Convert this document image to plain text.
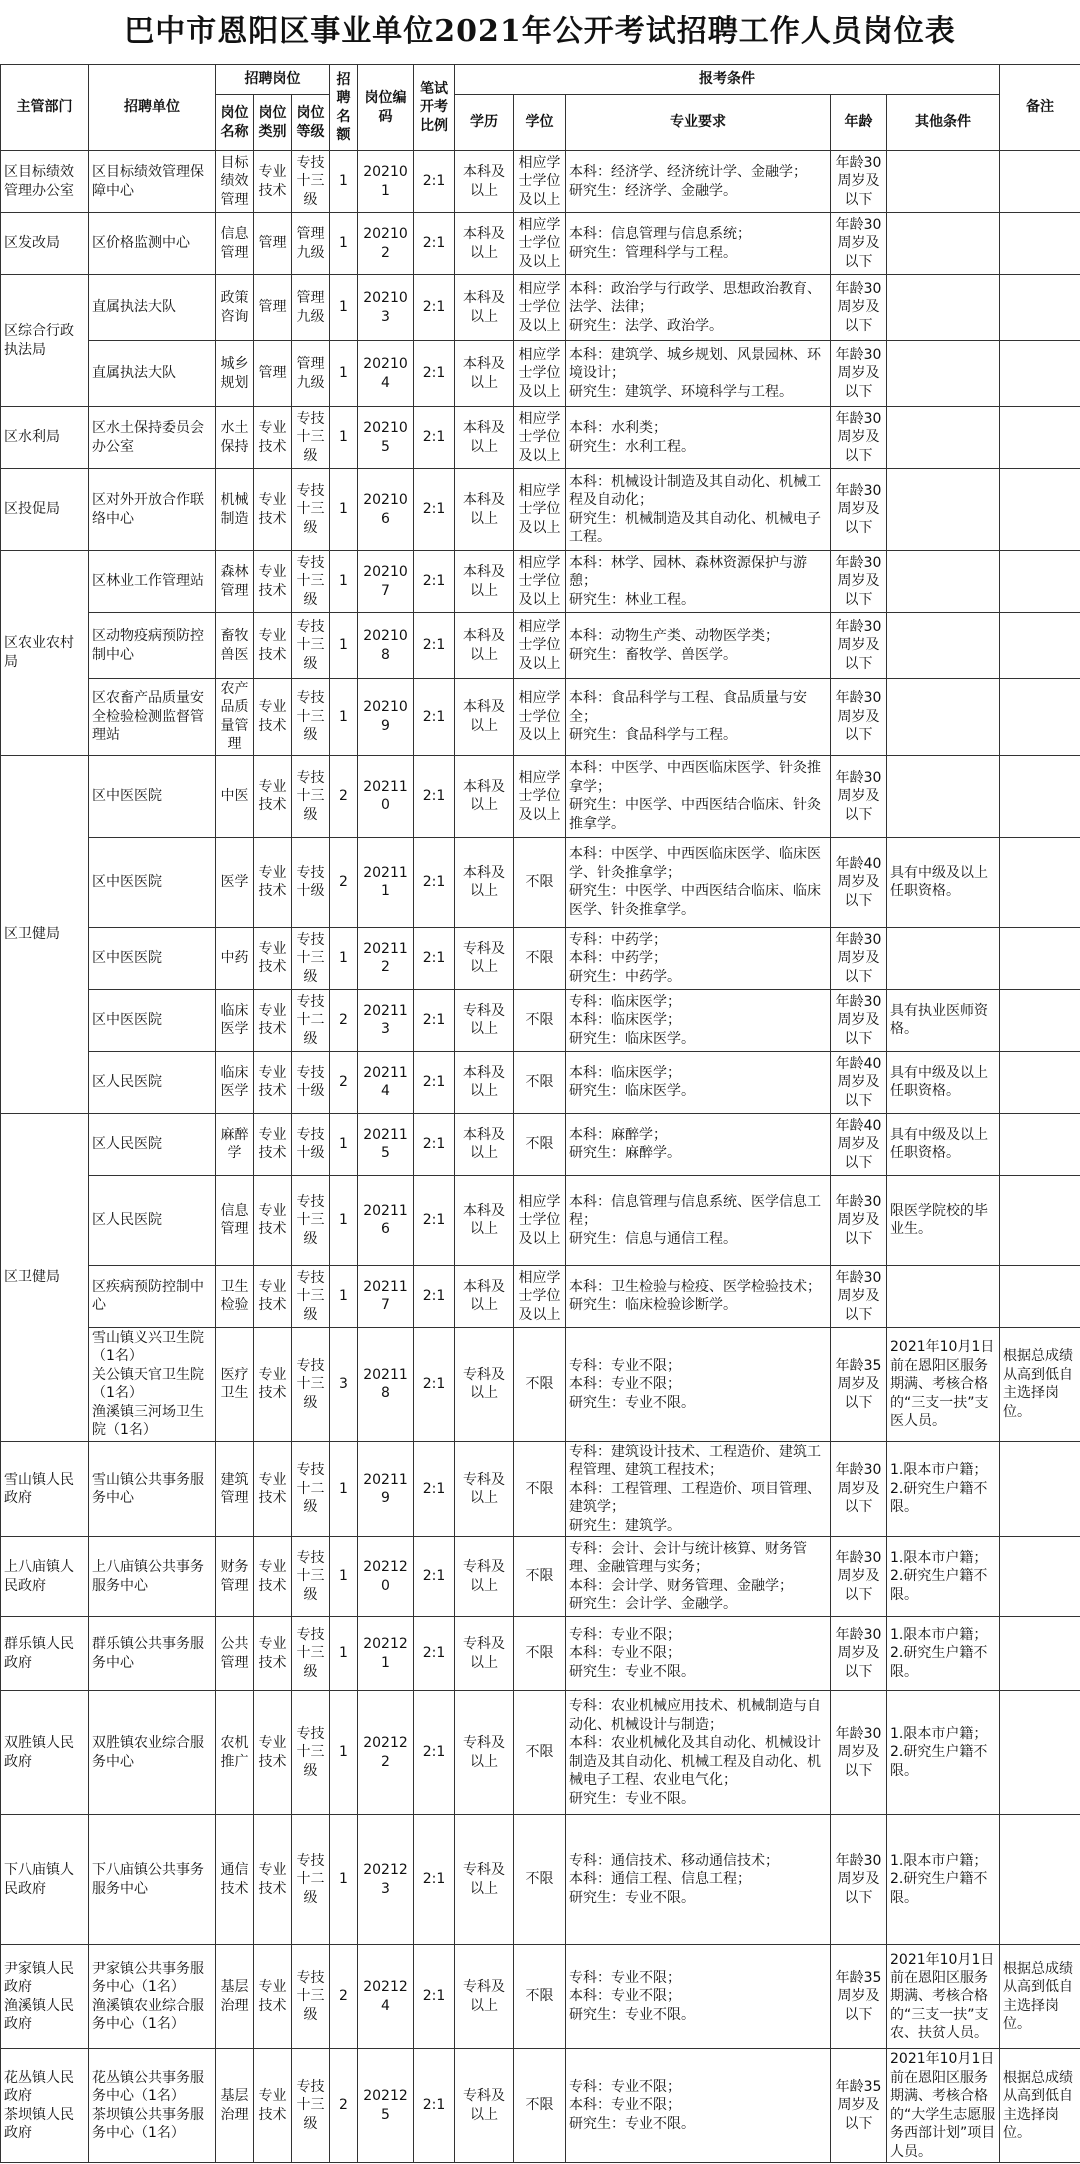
巴中市恩阳区事业单位2021年公开考试招聘工作人员岗位表
主管部门	招聘单位	招聘岗位			招聘名额	岗位编码	笔试开考比例	报考条件					备注
		岗位名称	岗位类别	岗位等级				学历	学位	专业要求	年龄	其他条件	
区目标绩效管理办公室	区目标绩效管理保障中心	目标绩效管理	专业技术	专技十三级	1	202101	2:1	本科及以上	相应学士学位及以上	本科：经济学、经济统计学、金融学；
研究生：经济学、金融学。	年龄30周岁及以下		
区发改局	区价格监测中心	信息管理	管理	管理九级	1	202102	2:1	本科及以上	相应学士学位及以上	本科：信息管理与信息系统；
研究生：管理科学与工程。	年龄30周岁及以下		
区综合行政执法局	直属执法大队	政策咨询	管理	管理九级	1	202103	2:1	本科及以上	相应学士学位及以上	本科：政治学与行政学、思想政治教育、法学、法律；
研究生：法学、政治学。	年龄30周岁及以下		
	直属执法大队	城乡规划	管理	管理九级	1	202104	2:1	本科及以上	相应学士学位及以上	本科：建筑学、城乡规划、风景园林、环境设计；
研究生：建筑学、环境科学与工程。	年龄30周岁及以下		
区水利局	区水土保持委员会办公室	水土保持	专业技术	专技十三级	1	202105	2:1	本科及以上	相应学士学位及以上	本科：水利类；
研究生：水利工程。	年龄30周岁及以下		
区投促局	区对外开放合作联络中心	机械制造	专业技术	专技十三级	1	202106	2:1	本科及以上	相应学士学位及以上	本科：机械设计制造及其自动化、机械工程及自动化；
研究生：机械制造及其自动化、机械电子工程。	年龄30周岁及以下		
区农业农村局	区林业工作管理站	森林管理	专业技术	专技十三级	1	202107	2:1	本科及以上	相应学士学位及以上	本科：林学、园林、森林资源保护与游憩；
研究生：林业工程。	年龄30周岁及以下		
	区动物疫病预防控制中心	畜牧兽医	专业技术	专技十三级	1	202108	2:1	本科及以上	相应学士学位及以上	本科：动物生产类、动物医学类；
研究生：畜牧学、兽医学。	年龄30周岁及以下		
	区农畜产品质量安全检验检测监督管理站	农产品质量管理	专业技术	专技十三级	1	202109	2:1	本科及以上	相应学士学位及以上	本科：食品科学与工程、食品质量与安全；
研究生：食品科学与工程。	年龄30周岁及以下		
区卫健局	区中医医院	中医	专业技术	专技十三级	2	202110	2:1	本科及以上	相应学士学位及以上	本科：中医学、中西医临床医学、针灸推拿学；
研究生：中医学、中西医结合临床、针灸推拿学。	年龄30周岁及以下		
	区中医医院	医学	专业技术	专技十级	2	202111	2:1	本科及以上	不限	本科：中医学、中西医临床医学、临床医学、针灸推拿学；
研究生：中医学、中西医结合临床、临床医学、针灸推拿学。	年龄40周岁及以下	具有中级及以上任职资格。	
	区中医医院	中药	专业技术	专技十三级	1	202112	2:1	专科及以上	不限	专科：中药学；
本科：中药学；
研究生：中药学。	年龄30周岁及以下		
	区中医医院	临床医学	专业技术	专技十二级	2	202113	2:1	专科及以上	不限	专科：临床医学；
本科：临床医学；
研究生：临床医学。	年龄30周岁及以下	具有执业医师资格。	
	区人民医院	临床医学	专业技术	专技十级	2	202114	2:1	本科及以上	不限	本科：临床医学；
研究生：临床医学。	年龄40周岁及以下	具有中级及以上任职资格。	
区卫健局	区人民医院	麻醉学	专业技术	专技十级	1	202115	2:1	本科及以上	不限	本科：麻醉学；
研究生：麻醉学。	年龄40周岁及以下	具有中级及以上任职资格。	
	区人民医院	信息管理	专业技术	专技十三级	1	202116	2:1	本科及以上	相应学士学位及以上	本科：信息管理与信息系统、医学信息工程；
研究生：信息与通信工程。	年龄30周岁及以下	限医学院校的毕业生。	
	区疾病预防控制中心	卫生检验	专业技术	专技十三级	1	202117	2:1	本科及以上	相应学士学位及以上	本科：卫生检验与检疫、医学检验技术；
研究生：临床检验诊断学。	年龄30周岁及以下		
	雪山镇义兴卫生院（1名）
关公镇天官卫生院（1名）
渔溪镇三河场卫生院（1名）	医疗卫生	专业技术	专技十三级	3	202118	2:1	专科及以上	不限	专科：专业不限；
本科：专业不限；
研究生：专业不限。	年龄35周岁及以下	2021年10月1日前在恩阳区服务期满、考核合格的“三支一扶”支医人员。	根据总成绩从高到低自主选择岗位。
雪山镇人民政府	雪山镇公共事务服务中心	建筑管理	专业技术	专技十二级	1	202119	2:1	专科及以上	不限	专科：建筑设计技术、工程造价、建筑工程管理、建筑工程技术；
本科：工程管理、工程造价、项目管理、建筑学；
研究生：建筑学。	年龄30周岁及以下	1.限本市户籍；
2.研究生户籍不限。	
上八庙镇人民政府	上八庙镇公共事务服务中心	财务管理	专业技术	专技十三级	1	202120	2:1	专科及以上	不限	专科：会计、会计与统计核算、财务管理、金融管理与实务；
本科：会计学、财务管理、金融学；
研究生：会计学、金融学。	年龄30周岁及以下	1.限本市户籍；
2.研究生户籍不限。	
群乐镇人民政府	群乐镇公共事务服务中心	公共管理	专业技术	专技十三级	1	202121	2:1	专科及以上	不限	专科：专业不限；
本科：专业不限；
研究生：专业不限。	年龄30周岁及以下	1.限本市户籍；
2.研究生户籍不限。	
双胜镇人民政府	双胜镇农业综合服务中心	农机推广	专业技术	专技十三级	1	202122	2:1	专科及以上	不限	专科：农业机械应用技术、机械制造与自动化、机械设计与制造；
本科：农业机械化及其自动化、机械设计制造及其自动化、机械工程及自动化、机械电子工程、农业电气化；
研究生：专业不限。	年龄30周岁及以下	1.限本市户籍；
2.研究生户籍不限。	
下八庙镇人民政府	下八庙镇公共事务服务中心	通信技术	专业技术	专技十二级	1	202123	2:1	专科及以上	不限	专科：通信技术、移动通信技术；
本科：通信工程、信息工程；
研究生：专业不限。	年龄30周岁及以下	1.限本市户籍；
2.研究生户籍不限。	
尹家镇人民政府
渔溪镇人民政府	尹家镇公共事务服务中心（1名）
渔溪镇农业综合服务中心（1名）	基层治理	专业技术	专技十三级	2	202124	2:1	专科及以上	不限	专科：专业不限；
本科：专业不限；
研究生：专业不限。	年龄35周岁及以下	2021年10月1日前在恩阳区服务期满、考核合格的“三支一扶”支农、扶贫人员。	根据总成绩从高到低自主选择岗位。
花丛镇人民政府
茶坝镇人民政府	花丛镇公共事务服务中心（1名）
茶坝镇公共事务服务中心（1名）	基层治理	专业技术	专技十三级	2	202125	2:1	专科及以上	不限	专科：专业不限；
本科：专业不限；
研究生：专业不限。	年龄35周岁及以下	2021年10月1日前在恩阳区服务期满、考核合格的“大学生志愿服务西部计划”项目人员。	根据总成绩从高到低自主选择岗位。
